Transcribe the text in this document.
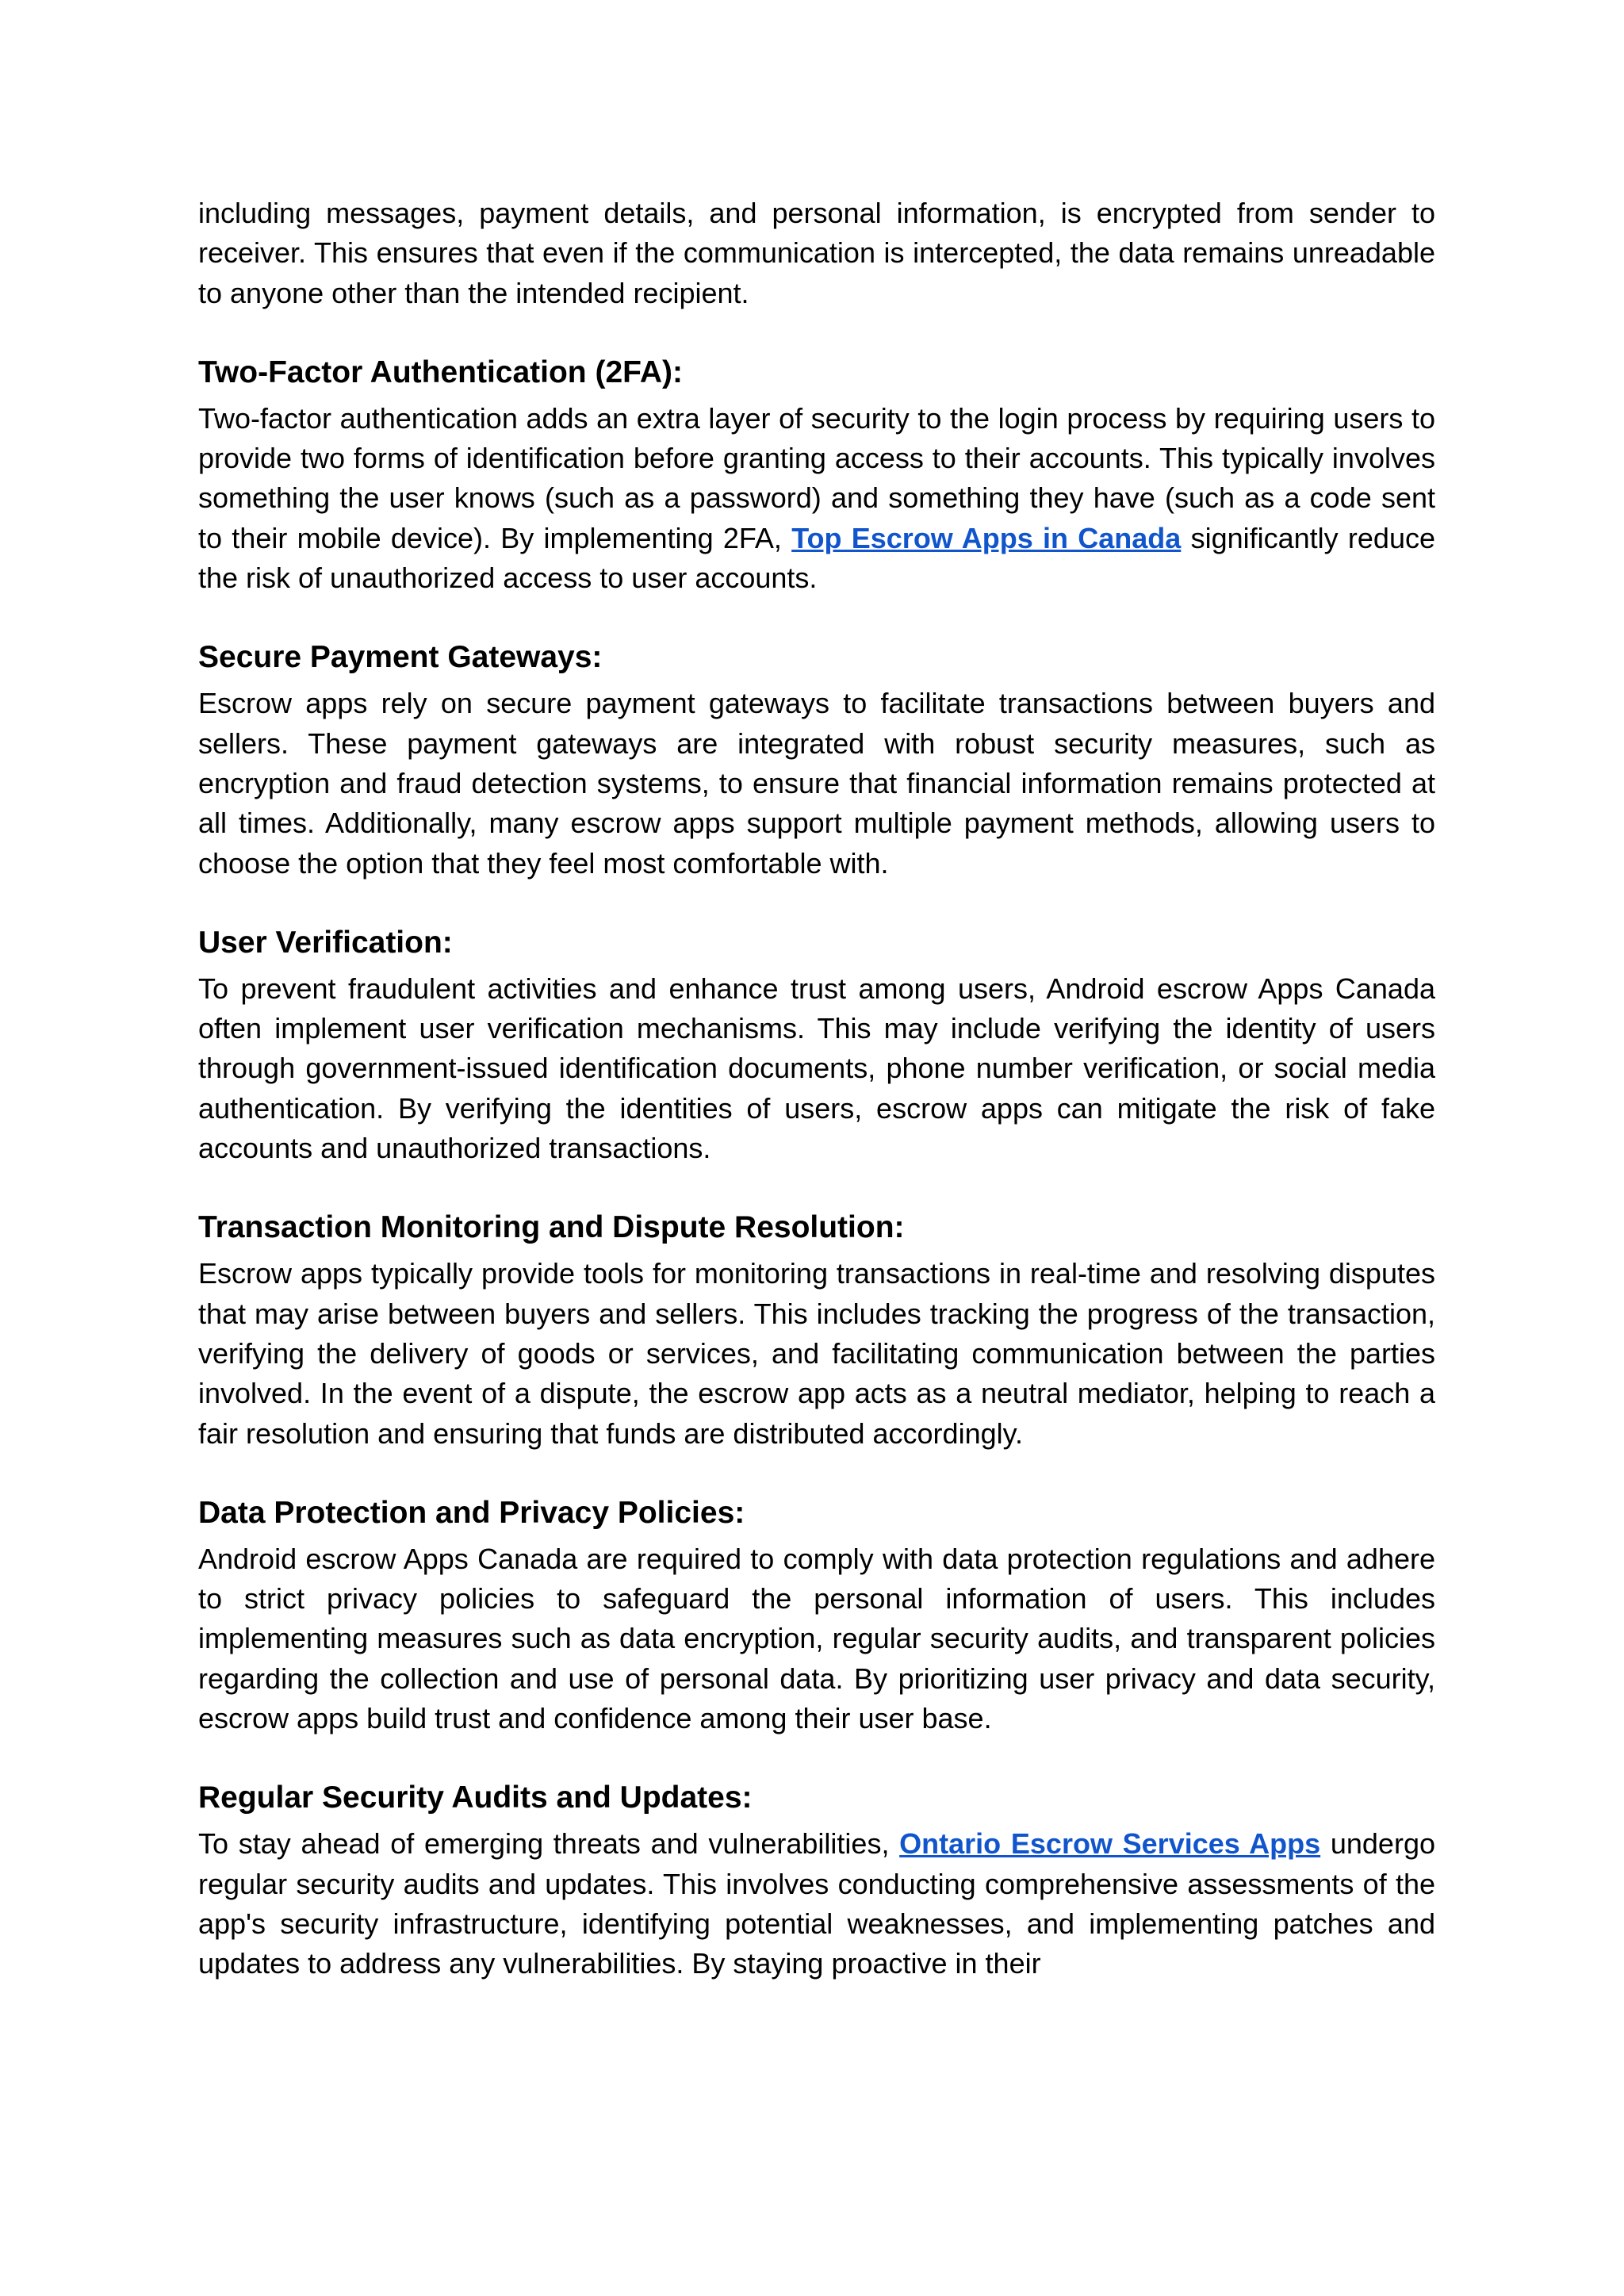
including messages, payment details, and personal information, is encrypted from sender to receiver. This ensures that even if the communication is intercepted, the data remains unreadable to anyone other than the intended recipient.

Two-Factor Authentication (2FA):

Two-factor authentication adds an extra layer of security to the login process by requiring users to provide two forms of identification before granting access to their accounts. This typically involves something the user knows (such as a password) and something they have (such as a code sent to their mobile device). By implementing 2FA, Top Escrow Apps in Canada significantly reduce the risk of unauthorized access to user accounts.

Secure Payment Gateways:

Escrow apps rely on secure payment gateways to facilitate transactions between buyers and sellers. These payment gateways are integrated with robust security measures, such as encryption and fraud detection systems, to ensure that financial information remains protected at all times. Additionally, many escrow apps support multiple payment methods, allowing users to choose the option that they feel most comfortable with.

User Verification:

To prevent fraudulent activities and enhance trust among users, Android escrow Apps Canada often implement user verification mechanisms. This may include verifying the identity of users through government-issued identification documents, phone number verification, or social media authentication. By verifying the identities of users, escrow apps can mitigate the risk of fake accounts and unauthorized transactions.

Transaction Monitoring and Dispute Resolution:

Escrow apps typically provide tools for monitoring transactions in real-time and resolving disputes that may arise between buyers and sellers. This includes tracking the progress of the transaction, verifying the delivery of goods or services, and facilitating communication between the parties involved. In the event of a dispute, the escrow app acts as a neutral mediator, helping to reach a fair resolution and ensuring that funds are distributed accordingly.

Data Protection and Privacy Policies:

Android escrow Apps Canada are required to comply with data protection regulations and adhere to strict privacy policies to safeguard the personal information of users. This includes implementing measures such as data encryption, regular security audits, and transparent policies regarding the collection and use of personal data. By prioritizing user privacy and data security, escrow apps build trust and confidence among their user base.

Regular Security Audits and Updates:

To stay ahead of emerging threats and vulnerabilities, Ontario Escrow Services Apps undergo regular security audits and updates. This involves conducting comprehensive assessments of the app's security infrastructure, identifying potential weaknesses, and implementing patches and updates to address any vulnerabilities. By staying proactive in their
